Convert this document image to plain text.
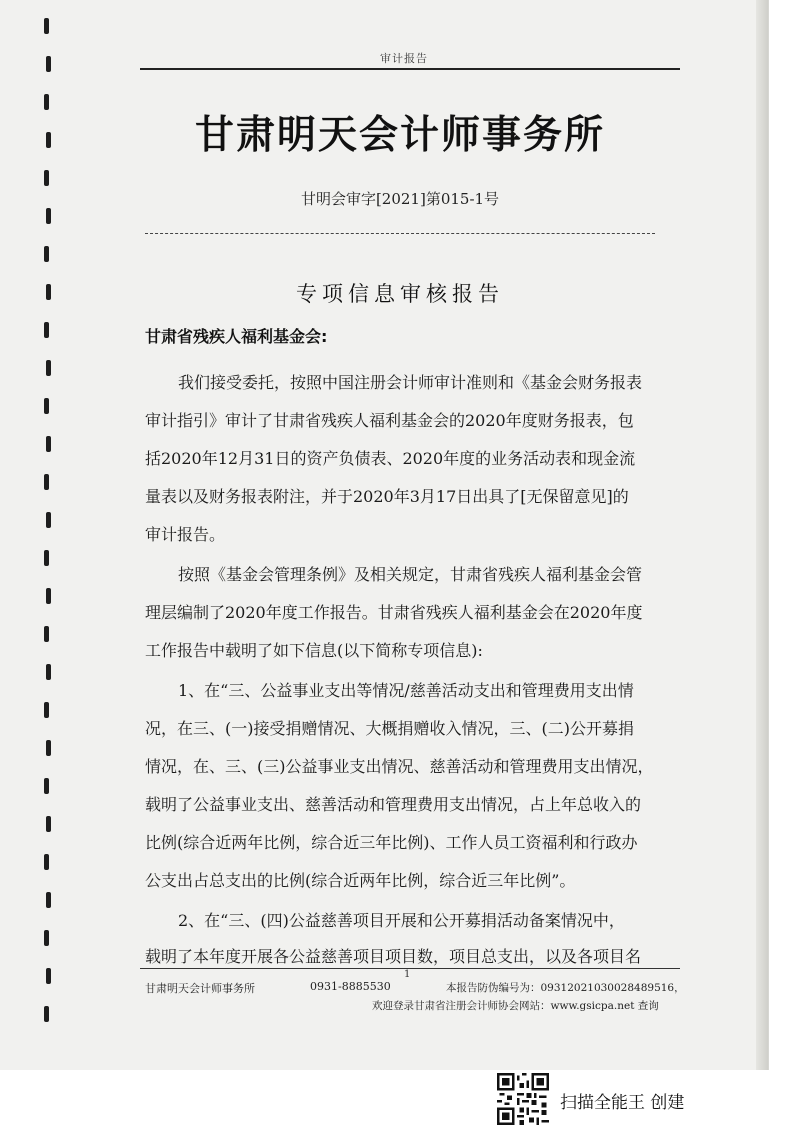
审计报告
甘肃明天会计师事务所
甘明会审字[2021]第015-1号
专项信息审核报告
甘肃省残疾人福利基金会:
我们接受委托，按照中国注册会计师审计准则和《基金会财务报表
审计指引》审计了甘肃省残疾人福利基金会的2020年度财务报表，包
括2020年12月31日的资产负债表、2020年度的业务活动表和现金流
量表以及财务报表附注，并于2020年3月17日出具了[无保留意见]的
审计报告。
按照《基金会管理条例》及相关规定，甘肃省残疾人福利基金会管
理层编制了2020年度工作报告。甘肃省残疾人福利基金会在2020年度
工作报告中载明了如下信息(以下简称专项信息):
1、在“三、公益事业支出等情况/慈善活动支出和管理费用支出情
况，在三、(一)接受捐赠情况、大概捐赠收入情况，三、(二)公开募捐
情况，在、三、(三)公益事业支出情况、慈善活动和管理费用支出情况，
载明了公益事业支出、慈善活动和管理费用支出情况，占上年总收入的
比例(综合近两年比例，综合近三年比例)、工作人员工资福利和行政办
公支出占总支出的比例(综合近两年比例，综合近三年比例”。
2、在“三、(四)公益慈善项目开展和公开募捐活动备案情况中，
载明了本年度开展各公益慈善项目项目数，项目总支出，以及各项目名
1
甘肃明天会计师事务所	0931-8885530	本报告防伪编号为：09312021030028489516，
欢迎登录甘肃省注册会计师协会网站：www.gsicpa.net 查询
扫描全能王 创建
